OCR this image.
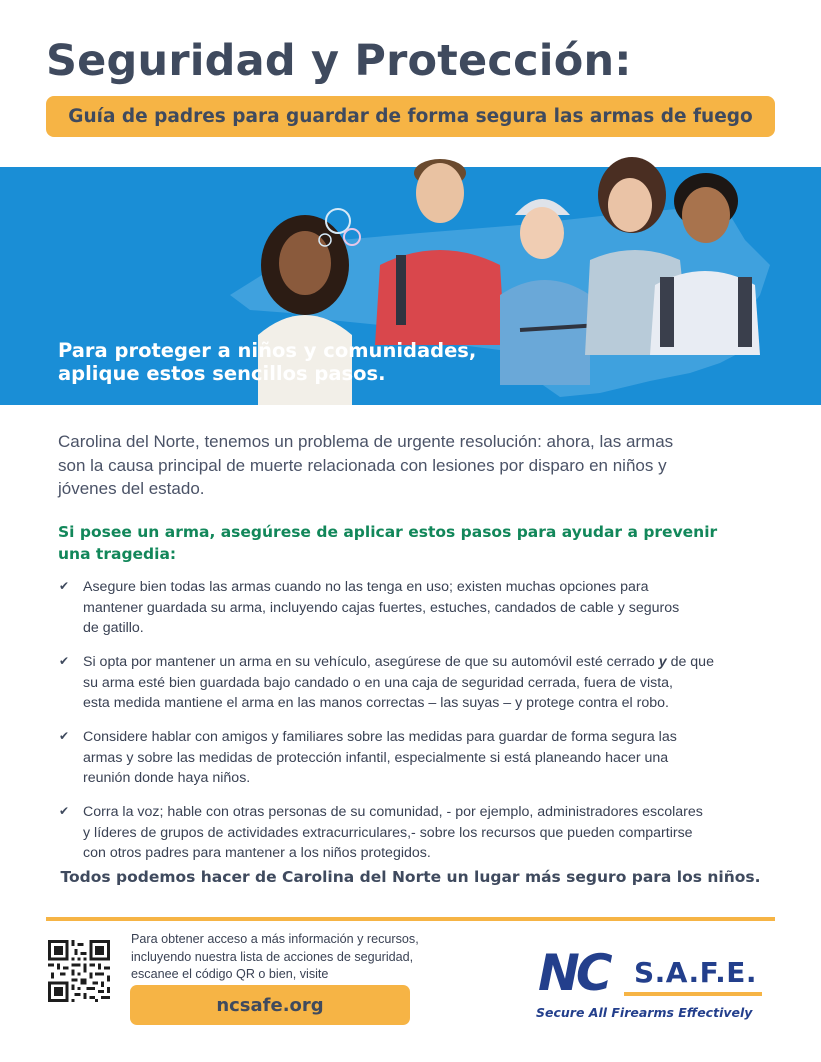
Seguridad y Protección:
Guía de padres para guardar de forma segura las armas de fuego
Para proteger a niños y comunidades,
aplique estos sencillos pasos.
Carolina del Norte, tenemos un problema de urgente resolución: ahora, las armas
son la causa principal de muerte relacionada con lesiones por disparo en niños y
jóvenes del estado.
Si posee un arma, asegúrese de aplicar estos pasos para ayudar a prevenir
una tragedia:
✔ Asegure bien todas las armas cuando no las tenga en uso; existen muchas opciones para
mantener guardada su arma, incluyendo cajas fuertes, estuches, candados de cable y seguros
de gatillo.
✔ Si opta por mantener un arma en su vehículo, asegúrese de que su automóvil esté cerrado y de que
su arma esté bien guardada bajo candado o en una caja de seguridad cerrada, fuera de vista,
esta medida mantiene el arma en las manos correctas – las suyas – y protege contra el robo.
✔ Considere hablar con amigos y familiares sobre las medidas para guardar de forma segura las
armas y sobre las medidas de protección infantil, especialmente si está planeando hacer una
reunión donde haya niños.
✔ Corra la voz; hable con otras personas de su comunidad, - por ejemplo, administradores escolares
y líderes de grupos de actividades extracurriculares,- sobre los recursos que pueden compartirse
con otros padres para mantener a los niños protegidos.
Todos podemos hacer de Carolina del Norte un lugar más seguro para los niños.
Para obtener acceso a más información y recursos,
incluyendo nuestra lista de acciones de seguridad,
escanee el código QR o bien, visite
ncsafe.org
NC S.A.F.E.
Secure All Firearms Effectively
